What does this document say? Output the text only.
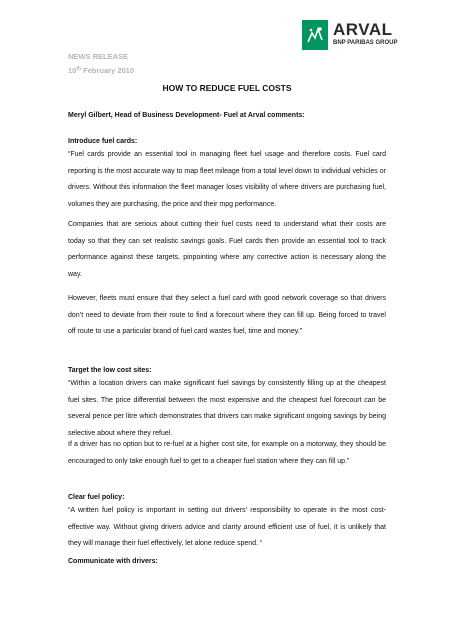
ARVAL
BNP PARIBAS GROUP
NEWS RELEASE
10th February 2010
HOW TO REDUCE FUEL COSTS
Meryl Gilbert, Head of Business Development- Fuel at Arval comments:
Introduce fuel cards:
“Fuel cards provide an essential tool in managing fleet fuel usage and therefore costs. Fuel card reporting is the most accurate way to map fleet mileage from a total level down to individual vehicles or drivers. Without this information the fleet manager loses visibility of where drivers are purchasing fuel, volumes they are purchasing, the price and their mpg performance.
Companies that are serious about cutting their fuel costs need to understand what their costs are today so that they can set realistic savings goals. Fuel cards then provide an essential tool to track performance against these targets, pinpointing where any corrective action is necessary along the way.
However, fleets must ensure that they select a fuel card with good network coverage so that drivers don’t need to deviate from their route to find a forecourt where they can fill up. Being forced to travel off route to use a particular brand of fuel card wastes fuel, time and money.”
Target the low cost sites:
“Within a location drivers can make significant fuel savings by consistently filling up at the cheapest fuel sites. The price differential between the most expensive and the cheapest fuel forecourt can be several pence per litre which demonstrates that drivers can make significant ongoing savings by being selective about where they refuel.
If a driver has no option but to re-fuel at a higher cost site, for example on a motorway, they should be encouraged to only take enough fuel to get to a cheaper fuel station where they can fill up.”
Clear fuel policy:
“A written fuel policy is important in setting out drivers’ responsibility to operate in the most cost-effective way. Without giving drivers advice and clarity around efficient use of fuel, it is unlikely that they will manage their fuel effectively, let alone reduce spend. “
Communicate with drivers:
